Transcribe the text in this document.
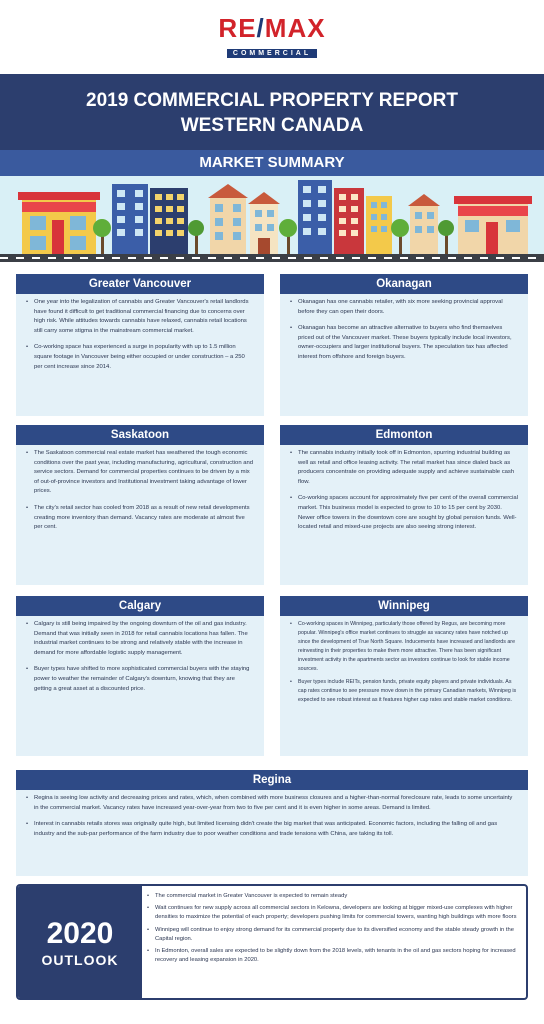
RE/MAX
COMMERCIAL
2019 COMMERCIAL PROPERTY REPORT
WESTERN CANADA
MARKET SUMMARY
Greater Vancouver
• One year into the legalization of cannabis and Greater Vancouver's retail landlords have found it difficult to get traditional commercial financing due to concerns over high risk. While attitudes towards cannabis have relaxed, cannabis retail locations still carry some stigma in the mainstream commercial market.
• Co-working space has experienced a surge in popularity with up to 1.5 million square footage in Vancouver being either occupied or under construction – a 250 per cent increase since 2014.
Okanagan
• Okanagan has one cannabis retailer, with six more seeking provincial approval before they can open their doors.
• Okanagan has become an attractive alternative to buyers who find themselves priced out of the Vancouver market. These buyers typically include local investors, owner-occupiers and larger institutional buyers. The speculation tax has affected interest from offshore and foreign buyers.
Saskatoon
• The Saskatoon commercial real estate market has weathered the tough economic conditions over the past year, including manufacturing, agricultural, construction and service sectors. Demand for commercial properties continues to be driven by a mix of out-of-province investors and Institutional investment taking advantage of lower prices.
• The city's retail sector has cooled from 2018 as a result of new retail developments creating more inventory than demand. Vacancy rates are moderate at almost five per cent.
Edmonton
• The cannabis industry initially took off in Edmonton, spurring industrial building as well as retail and office leasing activity. The retail market has since dialed back as producers concentrate on providing adequate supply and achieve sustainable cash flow.
• Co-working spaces account for approximately five per cent of the overall commercial market. This business model is expected to grow to 10 to 15 per cent by 2030. Newer office towers in the downtown core are sought by global pension funds. Well-located retail and mixed-use projects are also seeing strong interest.
Calgary
• Calgary is still being impaired by the ongoing downturn of the oil and gas industry. Demand that was initially seen in 2018 for retail cannabis locations has fallen. The industrial market continues to be strong and relatively stable with the increase in demand for more affordable logistic supply management.
• Buyer types have shifted to more sophisticated commercial buyers with the staying power to weather the remainder of Calgary's downturn, knowing that they are getting a great asset at a discounted price.
Winnipeg
• Co-working spaces in Winnipeg, particularly those offered by Regus, are becoming more popular. Winnipeg's office market continues to struggle as vacancy rates have notched up since the development of True North Square. Inducements have increased and landlords are reinvesting in their properties to make them more attractive. There has been significant investment activity in the apartments sector as investors continue to look for stable income sources.
• Buyer types include REITs, pension funds, private equity players and private individuals. As cap rates continue to see pressure move down in the primary Canadian markets, Winnipeg is expected to see robust interest as it features higher cap rates and stable market conditions.
Regina
• Regina is seeing low activity and decreasing prices and rates, which, when combined with more business closures and a higher-than-normal foreclosure rate, leads to some uncertainty in the commercial market. Vacancy rates have increased year-over-year from two to five per cent and it is even higher in some areas. Demand is limited.
• Interest in cannabis retails stores was originally quite high, but limited licensing didn't create the big market that was anticipated. Economic factors, including the falling oil and gas industry and the sub-par performance of the farm industry due to poor weather conditions and trade tensions with China, are taking its toll.
2020
OUTLOOK
• The commercial market in Greater Vancouver is expected to remain steady
• Wait continues for new supply across all commercial sectors in Kelowna, developers are looking at bigger mixed-use complexes with higher densities to maximize the potential of each property; developers pushing limits for commercial towers, wanting high buildings with more floors
• Winnipeg will continue to enjoy strong demand for its commercial property due to its diversified economy and the stable steady growth in the Capital region.
• In Edmonton, overall sales are expected to be slightly down from the 2018 levels, with tenants in the oil and gas sectors hoping for increased recovery and leasing expansion in 2020.
